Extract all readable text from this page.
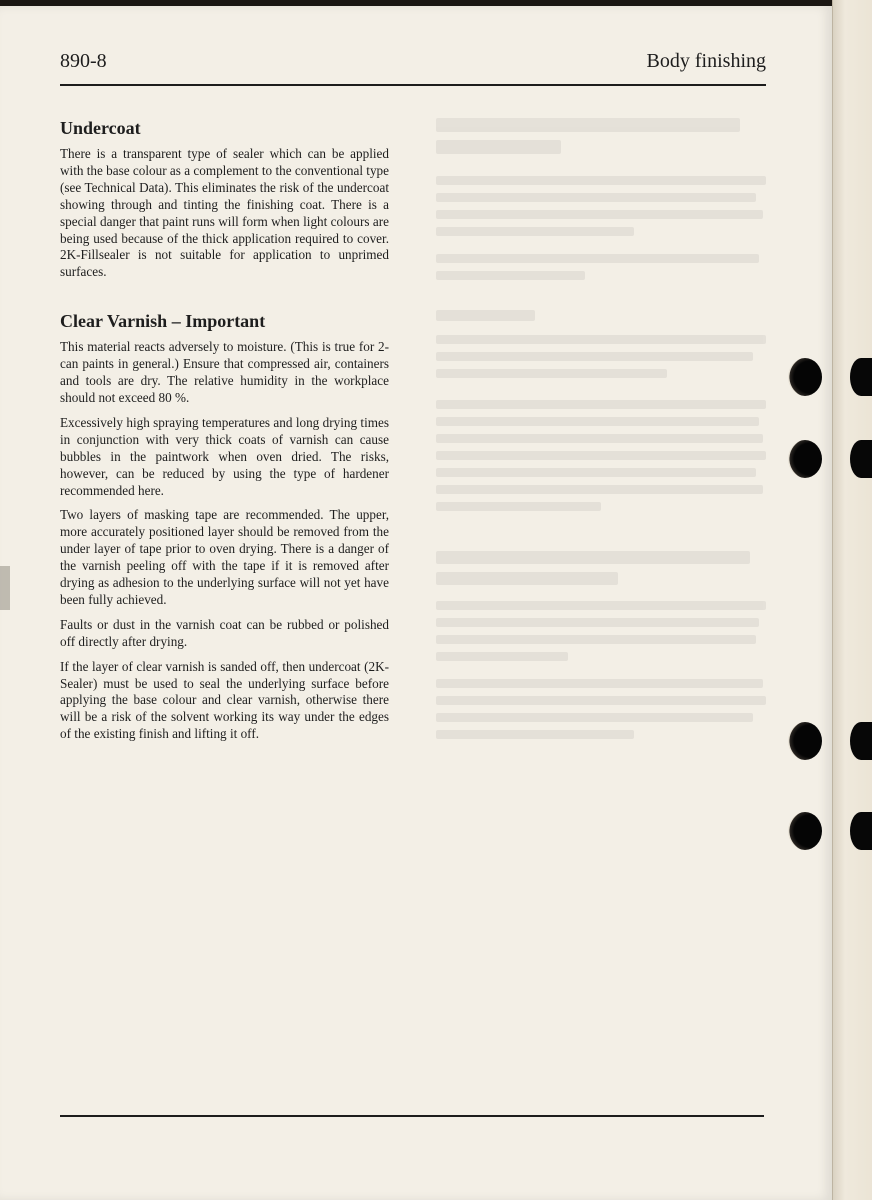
890-8	Body finishing
Undercoat

There is a transparent type of sealer which can be applied with the base colour as a complement to the conventional type (see Technical Data). This eliminates the risk of the undercoat showing through and tinting the finishing coat. There is a special danger that paint runs will form when light colours are being used because of the thick application required to cover. 2K-Fillsealer is not suitable for application to unprimed surfaces.

Clear Varnish – Important

This material reacts adversely to moisture. (This is true for 2-can paints in general.) Ensure that compressed air, containers and tools are dry. The relative humidity in the workplace should not exceed 80 %.

Excessively high spraying temperatures and long drying times in conjunction with very thick coats of varnish can cause bubbles in the paintwork when oven dried. The risks, however, can be reduced by using the type of hardener recommended here.

Two layers of masking tape are recommended. The upper, more accurately positioned layer should be removed from the under layer of tape prior to oven drying. There is a danger of the varnish peeling off with the tape if it is removed after drying as adhesion to the underlying surface will not yet have been fully achieved.

Faults or dust in the varnish coat can be rubbed or polished off directly after drying.

If the layer of clear varnish is sanded off, then undercoat (2K-Sealer) must be used to seal the underlying surface before applying the base colour and clear varnish, otherwise there will be a risk of the solvent working its way under the edges of the existing finish and lifting it off.
